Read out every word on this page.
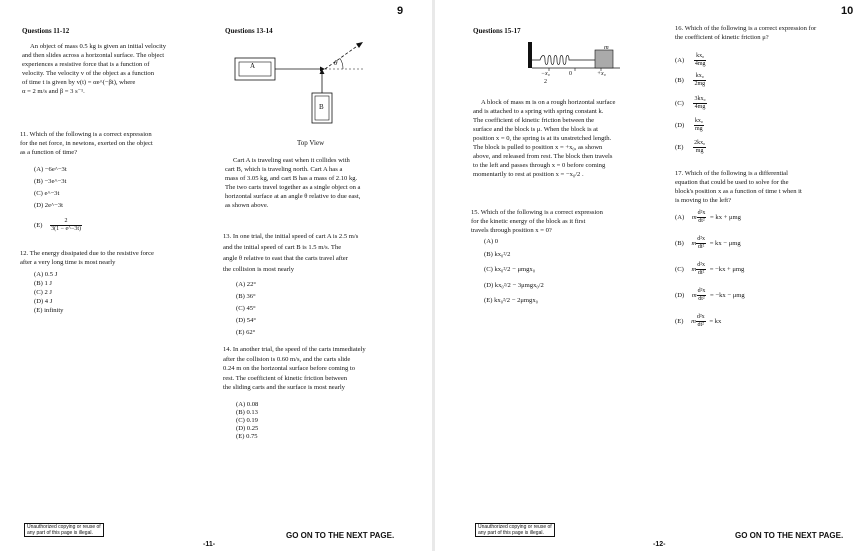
9
Questions 11-12
An object of mass 0.5 kg is given an initial velocity
and then slides across a horizontal surface. The object
experiences a resistive force that is a function of
velocity. The velocity v of the object as a function
of time t is given by v(t) = αe^(−βt), where
α = 2 m/s and β = 3 s⁻¹.
11. Which of the following is a correct expression
for the net force, in newtons, exerted on the object
as a function of time?
(A) −6e^−3t
(B) −3e^−3t
(C) e^−3t
(D) 2e^−3t
$(E) \frac{2}{3(1 - e\^{}-3t)}$
12. The energy dissipated due to the resistive force
after a very long time is most nearly
(A) 0.5 J
(B) 1 J
(C) 2 J
(D) 4 J
(E) infinity
Questions 13-14
A
B
θ
Top View
Cart A is traveling east when it collides with
cart B, which is traveling north. Cart A has a
mass of 3.05 kg, and cart B has a mass of 2.10 kg.
The two carts travel together as a single object on a
horizontal surface at an angle θ relative to due east,
as shown above.
13. In one trial, the initial speed of cart A is 2.5 m/s
and the initial speed of cart B is 1.5 m/s. The
angle θ relative to east that the carts travel after
the collision is most nearly
(A) 22°
(B) 36°
(C) 45°
(D) 54°
(E) 62°
14. In another trial, the speed of the carts immediately
after the collision is 0.60 m/s, and the carts slide
0.24 m on the horizontal surface before coming to
rest. The coefficient of kinetic friction between
the sliding carts and the surface is most nearly
(A) 0.08
(B) 0.13
(C) 0.19
(D) 0.25
(E) 0.75
Unauthorized copying or reuse of
any part of this page is illegal.	GO ON TO THE NEXT PAGE.
-11-
10
Questions 15-17
m
−x₀
2
0	+x₀
A block of mass m is on a rough horizontal surface
and is attached to a spring with spring constant k.
The coefficient of kinetic friction between the
surface and the block is μ. When the block is at
position x = 0, the spring is at its unstretched length.
The block is pulled to position x = +x₀, as shown
above, and released from rest. The block then travels
to the left and passes through x = 0 before coming
momentarily to rest at position x = −x₀/2 .
15. Which of the following is a correct expression
for the kinetic energy of the block as it first
travels through position x = 0?
(A) 0
(B) kx₀²/2
(C) kx₀²/2 − μmgx₀
(D) kx₀²/2 − 3μmgx₀/2
(E) kx₀²/2 − 2μmgx₀
16. Which of the following is a correct expression for
the coefficient of kinetic friction μ?
$(A) \frac{\text{kx₀}}{4mg}$
$(B) \frac{\text{kx₀}}{2mg}$
$(C) \frac{\text{3kx₀}}{4mg}$
$(D) \frac{\text{kx₀}}{mg}$
$(E) \frac{\text{2kx₀}}{mg}$
17. Which of the following is a differential
equation that could be used to solve for the
block's position x as a function of time t when it
is moving to the left?
(A) m $\frac{\text{d²x}}{\text{dt²}}$ = kx + μmg
(B) m $\frac{\text{d²x}}{\text{dt²}}$ = kx − μmg
(C) m $\frac{\text{d²x}}{\text{dt²}} = -kx + \mu mg$
(D) m $\frac{\text{d²x}}{\text{dt²}} = -kx - \mu mg$
(E) m $\frac{\text{d²x}}{\text{dt²}}$ = kx
Unauthorized copying or reuse of
any part of this page is illegal.	GO ON TO THE NEXT PAGE.
-12-
